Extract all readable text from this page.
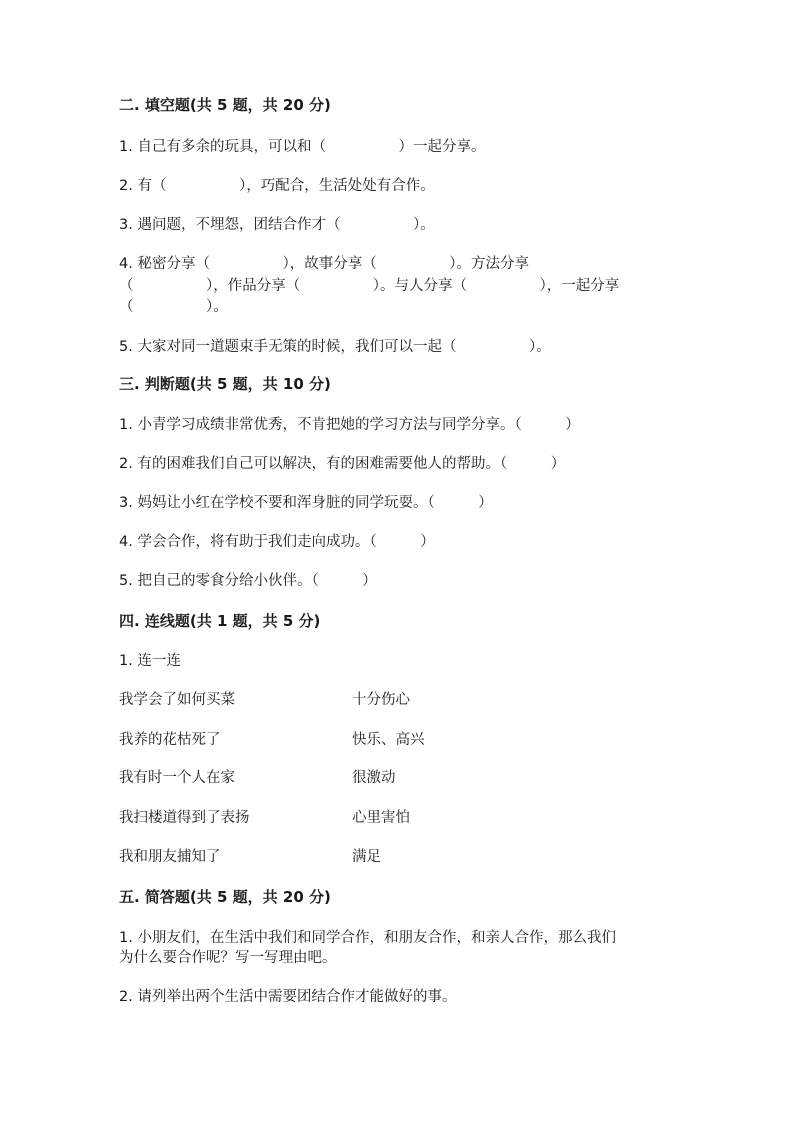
二. 填空题(共 5 题，共 20 分)
1. 自己有多余的玩具，可以和（　　　　　）一起分享。
2. 有（　　　　　），巧配合，生活处处有合作。
3. 遇问题，不埋怨，团结合作才（　　　　　）。
4. 秘密分享（　　　　　），故事分享（　　　　　）。方法分享
（　　　　　），作品分享（　　　　　）。与人分享（　　　　　），一起分享
（　　　　　）。
5. 大家对同一道题束手无策的时候，我们可以一起（　　　　　）。
三. 判断题(共 5 题，共 10 分)
1. 小青学习成绩非常优秀，不肯把她的学习方法与同学分享。（　　　）
2. 有的困难我们自己可以解决，有的困难需要他人的帮助。（　　　）
3. 妈妈让小红在学校不要和浑身脏的同学玩耍。（　　　）
4. 学会合作，将有助于我们走向成功。（　　　）
5. 把自己的零食分给小伙伴。（　　　）
四. 连线题(共 1 题，共 5 分)
1. 连一连
我学会了如何买菜	十分伤心
我养的花枯死了	快乐、高兴
我有时一个人在家	很激动
我扫楼道得到了表扬	心里害怕
我和朋友捕知了	满足
五. 简答题(共 5 题，共 20 分)
1. 小朋友们，在生活中我们和同学合作，和朋友合作，和亲人合作，那么我们
为什么要合作呢？写一写理由吧。
2. 请列举出两个生活中需要团结合作才能做好的事。
